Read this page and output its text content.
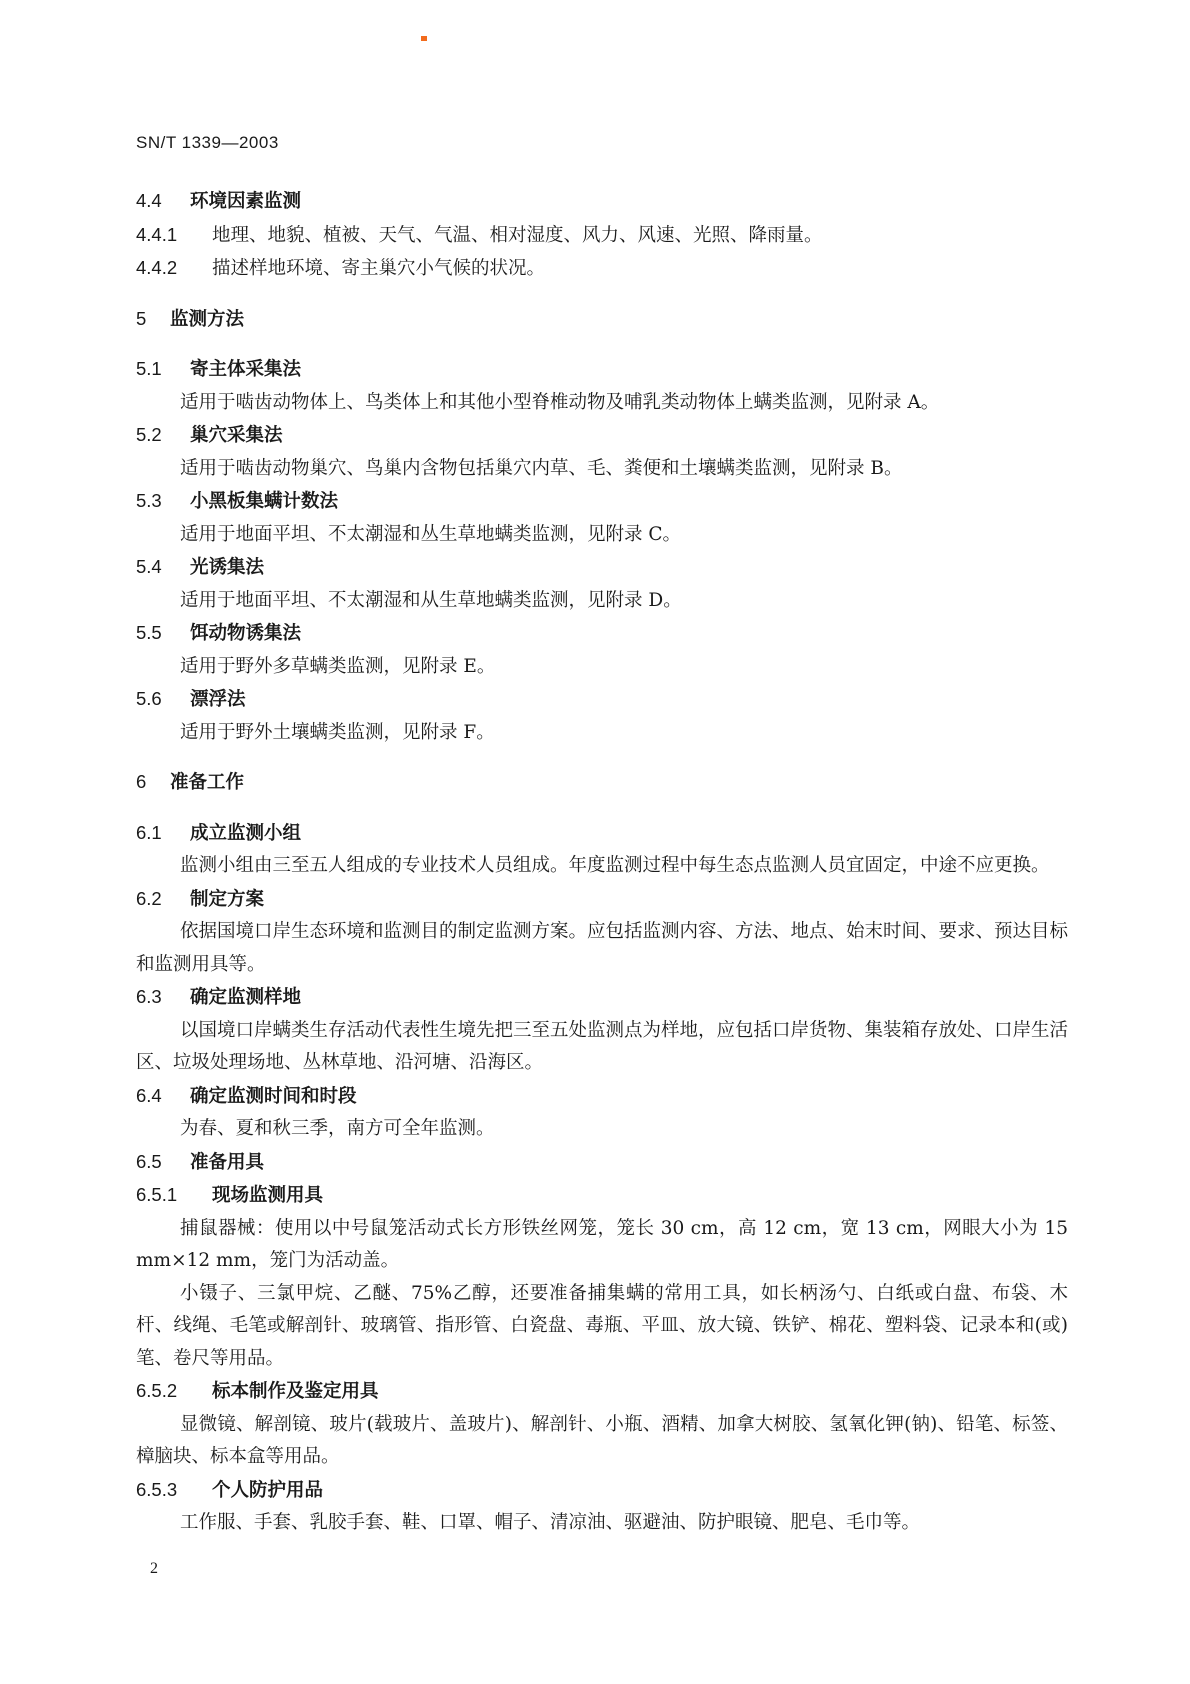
SN/T 1339—2003
4.4 环境因素监测
4.4.1 地理、地貌、植被、天气、气温、相对湿度、风力、风速、光照、降雨量。
4.4.2 描述样地环境、寄主巢穴小气候的状况。
5 监测方法
5.1 寄主体采集法
适用于啮齿动物体上、鸟类体上和其他小型脊椎动物及哺乳类动物体上螨类监测，见附录 A。
5.2 巢穴采集法
适用于啮齿动物巢穴、鸟巢内含物包括巢穴内草、毛、粪便和土壤螨类监测，见附录 B。
5.3 小黑板集螨计数法
适用于地面平坦、不太潮湿和丛生草地螨类监测，见附录 C。
5.4 光诱集法
适用于地面平坦、不太潮湿和从生草地螨类监测，见附录 D。
5.5 饵动物诱集法
适用于野外多草螨类监测，见附录 E。
5.6 漂浮法
适用于野外土壤螨类监测，见附录 F。
6 准备工作
6.1 成立监测小组
监测小组由三至五人组成的专业技术人员组成。年度监测过程中每生态点监测人员宜固定，中途不应更换。
6.2 制定方案
依据国境口岸生态环境和监测目的制定监测方案。应包括监测内容、方法、地点、始末时间、要求、预达目标和监测用具等。
6.3 确定监测样地
以国境口岸螨类生存活动代表性生境先把三至五处监测点为样地，应包括口岸货物、集装箱存放处、口岸生活区、垃圾处理场地、丛林草地、沿河塘、沿海区。
6.4 确定监测时间和时段
为春、夏和秋三季，南方可全年监测。
6.5 准备用具
6.5.1 现场监测用具
捕鼠器械：使用以中号鼠笼活动式长方形铁丝网笼，笼长 30 cm，高 12 cm，宽 13 cm，网眼大小为 15 mm×12 mm，笼门为活动盖。
小镊子、三氯甲烷、乙醚、75%乙醇，还要准备捕集螨的常用工具，如长柄汤勺、白纸或白盘、布袋、木杆、线绳、毛笔或解剖针、玻璃管、指形管、白瓷盘、毒瓶、平皿、放大镜、铁铲、棉花、塑料袋、记录本和(或)笔、卷尺等用品。
6.5.2 标本制作及鉴定用具
显微镜、解剖镜、玻片(载玻片、盖玻片)、解剖针、小瓶、酒精、加拿大树胶、氢氧化钾(钠)、铅笔、标签、樟脑块、标本盒等用品。
6.5.3 个人防护用品
工作服、手套、乳胶手套、鞋、口罩、帽子、清凉油、驱避油、防护眼镜、肥皂、毛巾等。
2
